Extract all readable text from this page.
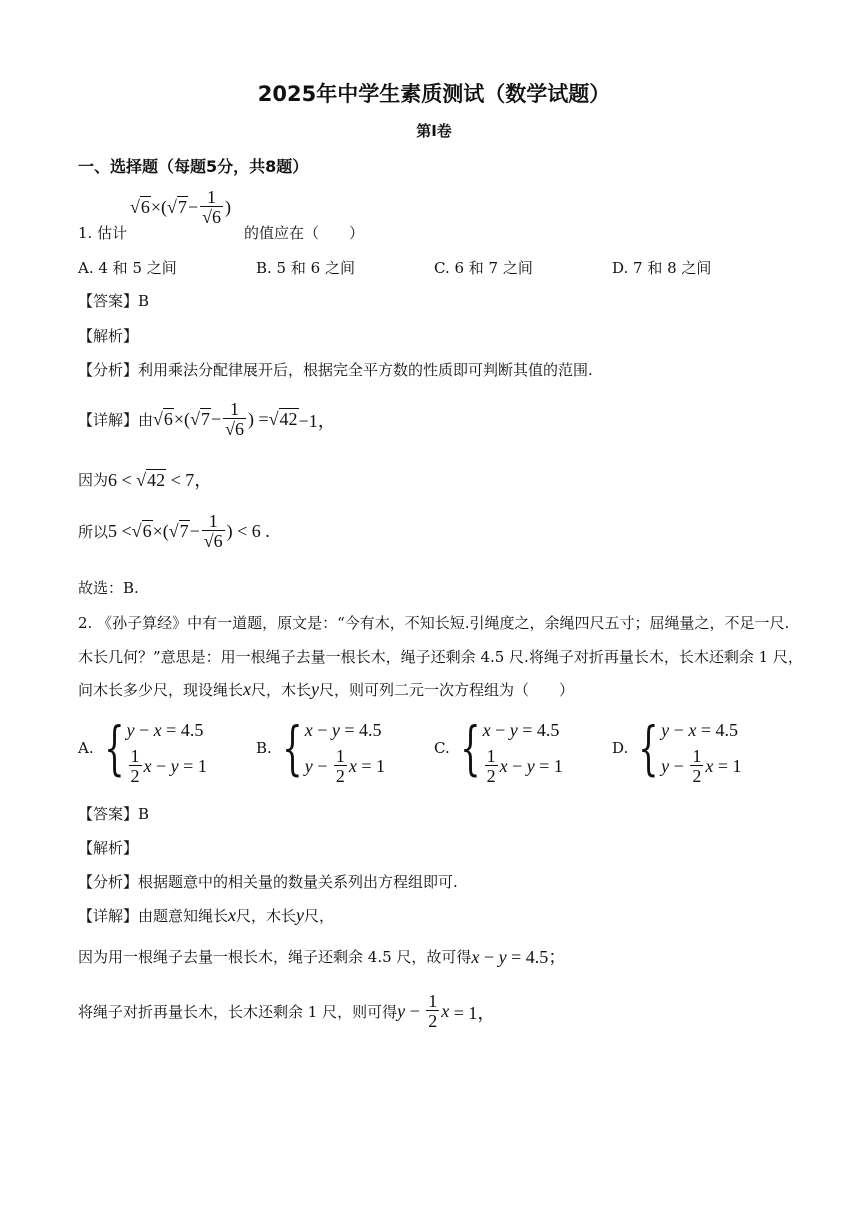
2025年中学生素质测试（数学试题）
第I卷
一、选择题（每题5分，共8题）
√6 ×( $√7 - \frac{1}{√6}$ )
1. 估计	的值应在（　　）
A. 4 和 5 之间	B. 5 和 6 之间	C. 6 和 7 之间	D. 7 和 8 之间
【答案】B
【解析】
【分析】利用乘法分配律展开后，根据完全平方数的性质即可判断其值的范围.
【详解】由 √6 ×( $√7 - \frac{1}{√6}$ ) = √42 −1，
因为 6 < √42 < 7，
所以 5 < √6 ×( $√7 - \frac{1}{√6}$ ) < 6 .
故选：B.
2. 《孙子算经》中有一道题，原文是：“今有木，不知长短.引绳度之，余绳四尺五寸；屈绳量之，不足一尺.
木长几何？”意思是：用一根绳子去量一根长木，绳子还剩余 4.5 尺.将绳子对折再量长木，长木还剩余 1 尺，
问木长多少尺，现设绳长x尺，木长y尺，则可列二元一次方程组为（　　）
A. { y − x = 4.5
$\frac{1}{2}$ x − y = 1
B. { x − y = 4.5
$y - \frac{1}{2}$ x = 1
C. { x − y = 4.5
$\frac{1}{2}$ x − y = 1
D. { y − x = 4.5
$y - \frac{1}{2}$ x = 1
【答案】B
【解析】
【分析】根据题意中的相关量的数量关系列出方程组即可.
【详解】由题意知绳长x尺，木长y尺，
因为用一根绳子去量一根长木，绳子还剩余 4.5 尺，故可得 x − y = 4.5；
将绳子对折再量长木，长木还剩余 1 尺，则可得 $y - \frac{1}{2}$ x = 1，
